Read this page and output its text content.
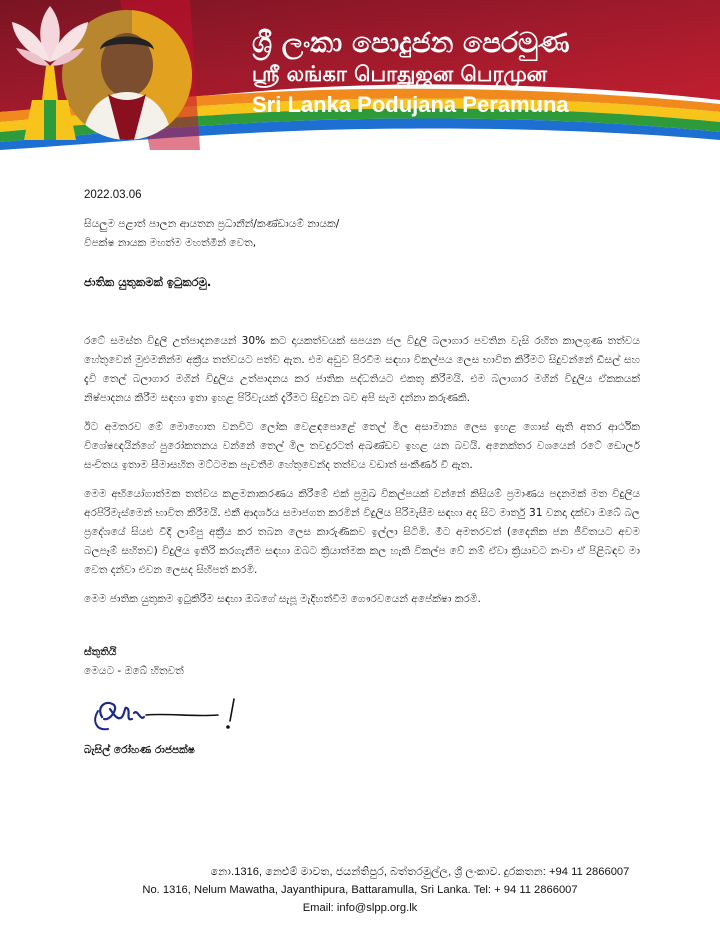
ශ්‍රී ලංකා පොදුජන පෙරමුණ
ஸ்ரீ லங்கா பொதுஜன பெரமுன
Sri Lanka Podujana Peramuna
2022.03.06
සියලුම පළාත් පාලන ආයතන ප්‍රධානීන්/කණ්ඩායම් නායක/
විපක්ෂ නායක මහත්ම මහත්මීන් වෙත,
ජාතික යුතුකමක් ඉටුකරමු.

රටේ සමස්ත විදුලි උත්පාදනයෙන් 30% කට දායකත්වයක් සපයන ජල විදුලි බලාගාර පවතින වැසි රහිත කාලගුණ තත්වය හේතුවෙන් මුළුමනින්ම අක්‍රීය තත්වයට පත්ව ඇත. එම අඩුව පිරවීම සඳහා විකල්පය ලෙස භාවිත කිරීමට සිදුවන්නේ ඩීසල් සහ දැවි තෙල් බලාගාර මගින් විදුලිය උත්පාදනය කර ජාතික පද්ධතියට එකතු කිරීමයි. එම බලාගාර මගින් විදුලිය ඒකකයක් නිෂ්පාදනය කිරීම සඳහා ඉතා ඉහළ පිරිවැයක් දැරීමට සිදුවන බව අපි සැම දන්නා කරුණකි.

ඊට අමතරව මේ මොහොත වනවිට ලෝක වෙළඳපොළේ තෙල් මිල අසාමාන්‍ය ලෙස ඉහළ ගොස් ඇති අතර ආර්ථික විශේෂඥයින්ගේ පුරෝකතනය වන්නේ තෙල් මිල තවදුරටත් අඛණ්ඩව ඉහළ යන බවයි. අනෙක්තර වශයෙන් රටේ ඩොලර් සංචිතය ඉතාම සීමාසහිත මට්ටමක පැවතීම හේතුවෙන්ද තත්වය වඩාත් සංකීර්ණ වී ඇත.

මෙම අභියෝගාත්මක තත්වය කළමනාකරණය කිරීමේ එක් ප්‍රමුඛ විකල්පයක් වන්නේ කිසියම් ප්‍රමාණය පදනමක් මත විදුලිය අරපිරිමැස්මෙන් භාවිත කිරීමයි. එකී ආදර්ශය සමාජගත කරමින් විදුලිය පිරිමැසීම සඳහා අද සිට මාර්තු 31 වනදා දක්වා ඔබේ බල ප්‍රදේශයේ සියළු වීදි ලාම්පු අක්‍රීය කර තබන ලෙස කාරුණිකව ඉල්ලා සිටිමි. මීට අමතරවත් (දෛනික ජන ජීවිතයට අවම බලපෑම් සහිතව) විදුලිය ඉතිරි කරගැනීම සඳහා ඔබට ක්‍රියාත්මක කල හැකි විකල්ප වේ නම් ඒවා ක්‍රියාවට නංවා ඒ පිළිබඳව මා වෙත දන්වා එවන ලෙසද සිහිපත් කරමි.

මෙම ජාතික යුතුකම ඉටුකිරීම සඳහා ඔබගේ සැපූ මැදිහත්වීම ගෞරවයෙන් අපේක්ෂා කරමි.

ස්තුතියි
මෙයට - ඔබේ හිතවත්
බැසිල් රෝහණ රාජපක්ෂ
නො.1316, නෙළුම් මාවත, ජයන්තිපුර, බත්තරමුල්ල, ශ්‍රී ලංකාව. දුරකතන: +94 11 2866007
No. 1316, Nelum Mawatha, Jayanthipura, Battaramulla, Sri Lanka. Tel: + 94 11 2866007
Email: info@slpp.org.lk
